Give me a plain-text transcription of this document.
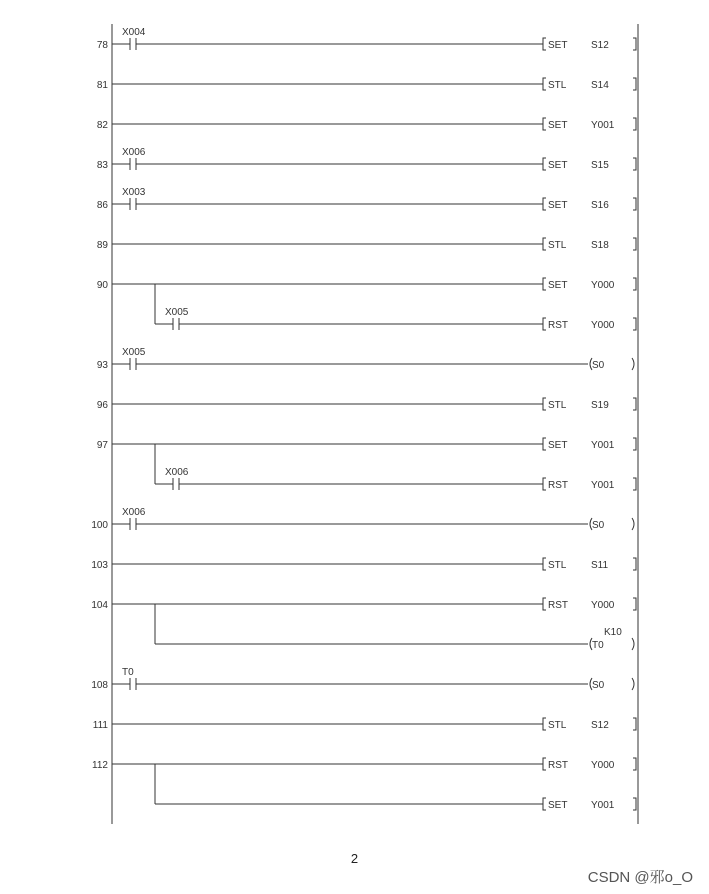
78
X004
SET S12
81	STL S14
82	SET Y001
83
X006
SET S15
86
X003
SET S16
89	STL S18
90	SET Y000
X005
RST Y000
93
X005
S0
96	STL S19
97	SET Y001
X006
RST Y001
100
X006
S0
103	STL S11
104	RST Y000
T0
K10
108
T0
S0
111	STL S12
112	RST Y000
SET Y001
2
CSDN @邪o_O
